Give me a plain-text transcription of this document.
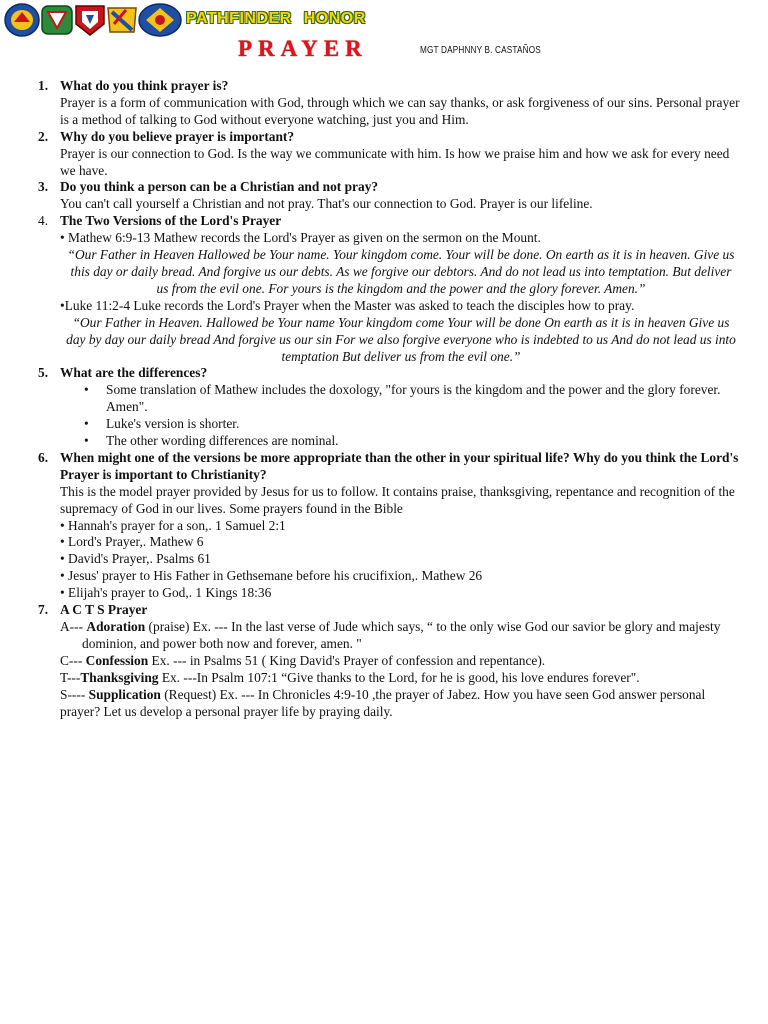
PATHFINDER HONOR
PRAYER	MGT DAPHNNY B. CASTAÑOS
1. What do you think prayer is?
Prayer is a form of communication with God, through which we can say thanks, or ask forgiveness of our sins. Personal prayer is a method of talking to God without everyone watching, just you and Him.
2. Why do you believe prayer is important?
Prayer is our connection to God. Is the way we communicate with him. Is how we praise him and how we ask for every need we have.
3. Do you think a person can be a Christian and not pray?
You can't call yourself a Christian and not pray. That's our connection to God. Prayer is our lifeline.
4. The Two Versions of the Lord's Prayer
• Mathew 6:9-13 Mathew records the Lord's Prayer as given on the sermon on the Mount.
“Our Father in Heaven Hallowed be Your name. Your kingdom come. Your will be done. On earth as it is in heaven. Give us this day or daily bread. And forgive us our debts. As we forgive our debtors. And do not lead us into temptation. But deliver us from the evil one. For yours is the kingdom and the power and the glory forever. Amen.”
•Luke 11:2-4 Luke records the Lord's Prayer when the Master was asked to teach the disciples how to pray.
“Our Father in Heaven. Hallowed be Your name Your kingdom come Your will be done On earth as it is in heaven Give us day by day our daily bread And forgive us our sin For we also forgive everyone who is indebted to us And do not lead us into temptation But deliver us from the evil one.”
5. What are the differences?
• Some translation of Mathew includes the doxology, "for yours is the kingdom and the power and the glory forever. Amen".
• Luke's version is shorter.
• The other wording differences are nominal.
6. When might one of the versions be more appropriate than the other in your spiritual life? Why do you think the Lord's Prayer is important to Christianity?
This is the model prayer provided by Jesus for us to follow. It contains praise, thanksgiving, repentance and recognition of the supremacy of God in our lives. Some prayers found in the Bible
• Hannah's prayer for a son,. 1 Samuel 2:1
• Lord's Prayer,. Mathew 6
• David's Prayer,. Psalms 61
• Jesus' prayer to His Father in Gethsemane before his crucifixion,. Mathew 26
• Elijah's prayer to God,. 1 Kings 18:36
7. A C T S Prayer
A--- Adoration (praise) Ex. --- In the last verse of Jude which says, “ to the only wise God our savior be glory and majesty dominion, and power both now and forever, amen. "
C--- Confession Ex. --- in Psalms 51 ( King David's Prayer of confession and repentance).
T---Thanksgiving Ex. ---In Psalm 107:1 “Give thanks to the Lord, for he is good, his love endures forever".
S---- Supplication (Request) Ex. --- In Chronicles 4:9-10 ,the prayer of Jabez. How you have seen God answer personal prayer? Let us develop a personal prayer life by praying daily.
